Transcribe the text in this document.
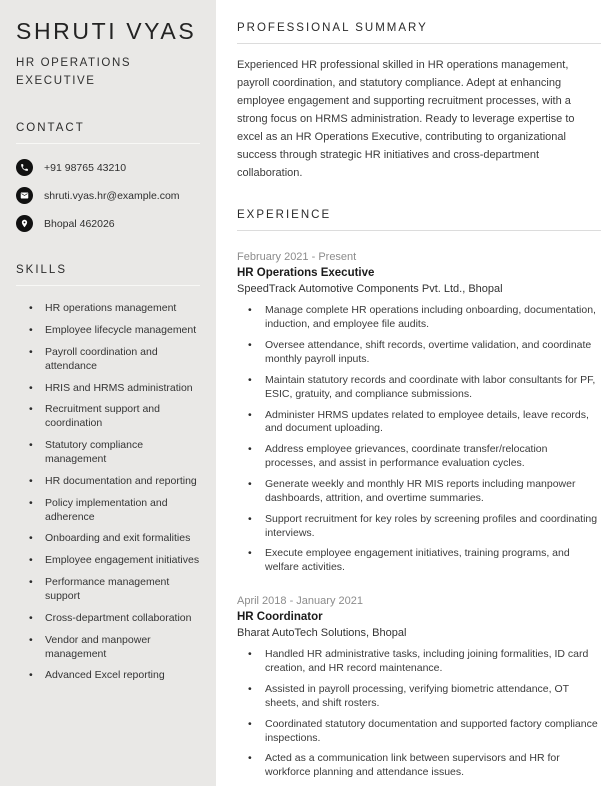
SHRUTI VYAS
HR OPERATIONS EXECUTIVE
CONTACT
+91 98765 43210
shruti.vyas.hr@example.com
Bhopal 462026
SKILLS
• HR operations management
• Employee lifecycle management
• Payroll coordination and attendance
• HRIS and HRMS administration
• Recruitment support and coordination
• Statutory compliance management
• HR documentation and reporting
• Policy implementation and adherence
• Onboarding and exit formalities
• Employee engagement initiatives
• Performance management support
• Cross-department collaboration
• Vendor and manpower management
• Advanced Excel reporting
PROFESSIONAL SUMMARY

Experienced HR professional skilled in HR operations management, payroll coordination, and statutory compliance. Adept at enhancing employee engagement and supporting recruitment processes, with a strong focus on HRMS administration. Ready to leverage expertise to excel as an HR Operations Executive, contributing to organizational success through strategic HR initiatives and cross-department collaboration.

EXPERIENCE
February 2021 - Present
HR Operations Executive
SpeedTrack Automotive Components Pvt. Ltd., Bhopal
• Manage complete HR operations including onboarding, documentation, induction, and employee file audits.
• Oversee attendance, shift records, overtime validation, and coordinate monthly payroll inputs.
• Maintain statutory records and coordinate with labor consultants for PF, ESIC, gratuity, and compliance submissions.
• Administer HRMS updates related to employee details, leave records, and document uploading.
• Address employee grievances, coordinate transfer/relocation processes, and assist in performance evaluation cycles.
• Generate weekly and monthly HR MIS reports including manpower dashboards, attrition, and overtime summaries.
• Support recruitment for key roles by screening profiles and coordinating interviews.
• Execute employee engagement initiatives, training programs, and welfare activities.
April 2018 - January 2021
HR Coordinator
Bharat AutoTech Solutions, Bhopal
• Handled HR administrative tasks, including joining formalities, ID card creation, and HR record maintenance.
• Assisted in payroll processing, verifying biometric attendance, OT sheets, and shift rosters.
• Coordinated statutory documentation and supported factory compliance inspections.
• Acted as a communication link between supervisors and HR for workforce planning and attendance issues.
